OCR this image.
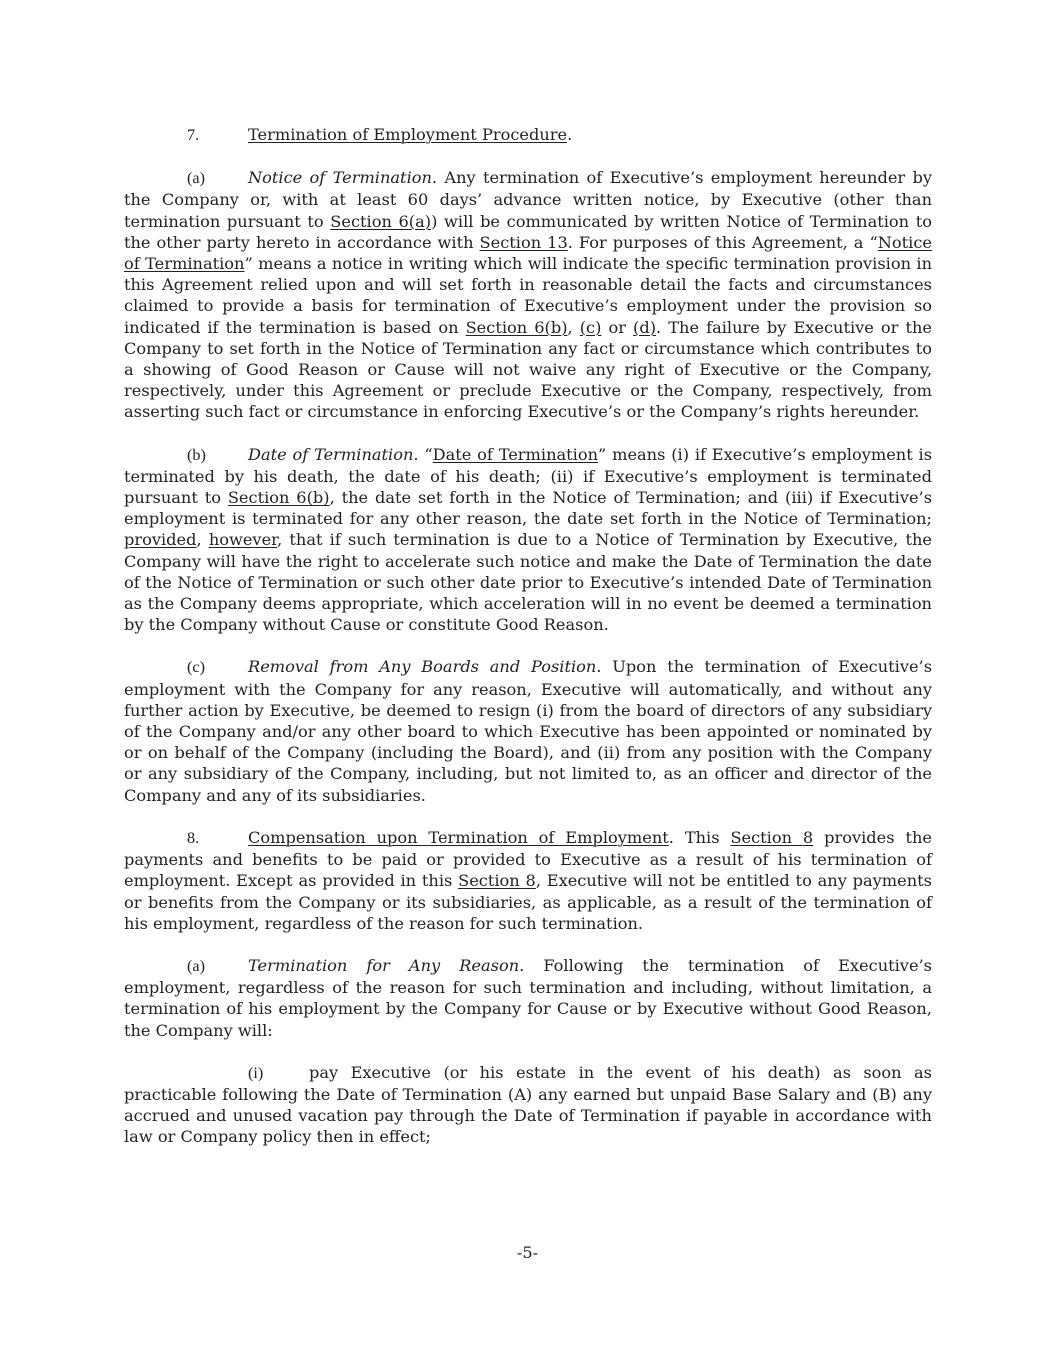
7.	Termination of Employment Procedure.

(a)	Notice of Termination. Any termination of Executive’s employment hereunder by the Company or, with at least 60 days’ advance written notice, by Executive (other than termination pursuant to Section 6(a)) will be communicated by written Notice of Termination to the other party hereto in accordance with Section 13. For purposes of this Agreement, a “Notice of Termination” means a notice in writing which will indicate the specific termination provision in this Agreement relied upon and will set forth in reasonable detail the facts and circumstances claimed to provide a basis for termination of Executive’s employment under the provision so indicated if the termination is based on Section 6(b), (c) or (d). The failure by Executive or the Company to set forth in the Notice of Termination any fact or circumstance which contributes to a showing of Good Reason or Cause will not waive any right of Executive or the Company, respectively, under this Agreement or preclude Executive or the Company, respectively, from asserting such fact or circumstance in enforcing Executive’s or the Company’s rights hereunder.

(b)	Date of Termination. “Date of Termination” means (i) if Executive’s employment is terminated by his death, the date of his death; (ii) if Executive’s employment is terminated pursuant to Section 6(b), the date set forth in the Notice of Termination; and (iii) if Executive’s employment is terminated for any other reason, the date set forth in the Notice of Termination; provided, however, that if such termination is due to a Notice of Termination by Executive, the Company will have the right to accelerate such notice and make the Date of Termination the date of the Notice of Termination or such other date prior to Executive’s intended Date of Termination as the Company deems appropriate, which acceleration will in no event be deemed a termination by the Company without Cause or constitute Good Reason.

(c)	Removal from Any Boards and Position. Upon the termination of Executive’s employment with the Company for any reason, Executive will automatically, and without any further action by Executive, be deemed to resign (i) from the board of directors of any subsidiary of the Company and/or any other board to which Executive has been appointed or nominated by or on behalf of the Company (including the Board), and (ii) from any position with the Company or any subsidiary of the Company, including, but not limited to, as an officer and director of the Company and any of its subsidiaries.

8.	Compensation upon Termination of Employment. This Section 8 provides the payments and benefits to be paid or provided to Executive as a result of his termination of employment. Except as provided in this Section 8, Executive will not be entitled to any payments or benefits from the Company or its subsidiaries, as applicable, as a result of the termination of his employment, regardless of the reason for such termination.

(a)	Termination for Any Reason. Following the termination of Executive’s employment, regardless of the reason for such termination and including, without limitation, a termination of his employment by the Company for Cause or by Executive without Good Reason, the Company will:

(i)	pay Executive (or his estate in the event of his death) as soon as practicable following the Date of Termination (A) any earned but unpaid Base Salary and (B) any accrued and unused vacation pay through the Date of Termination if payable in accordance with law or Company policy then in effect;

-5-
